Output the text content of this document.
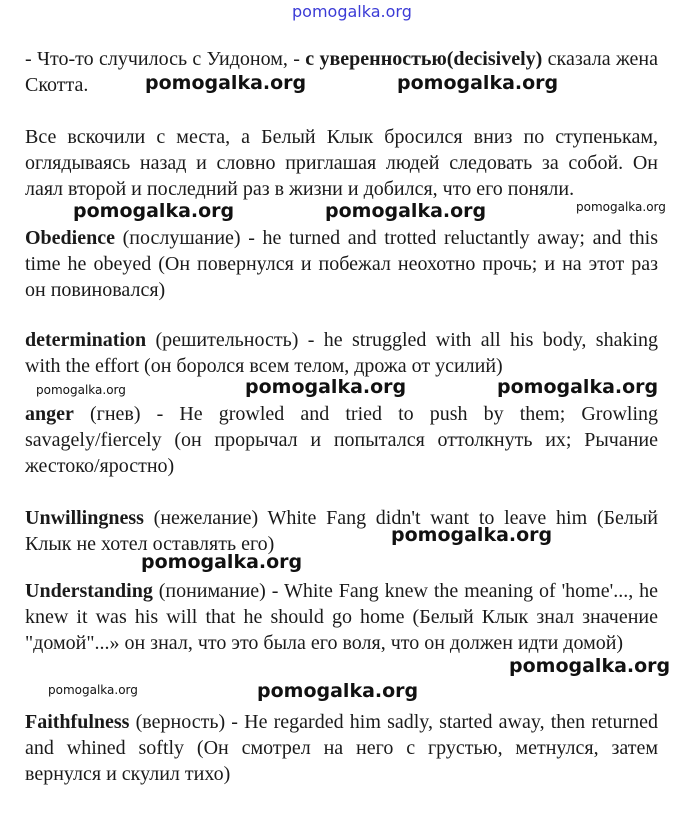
pomogalka.org
- Что-то случилось с Уидоном, - с уверенностью(decisively) сказала жена Скотта.
Все вскочили с места, а Белый Клык бросился вниз по ступенькам, оглядываясь назад и словно приглашая людей следовать за собой. Он лаял второй и последний раз в жизни и добился, что его поняли.
Obedience (послушание) - he turned and trotted reluctantly away; and this time he obeyed (Он повернулся и побежал неохотно прочь; и на этот раз он повиновался)
determination (решительность) - he struggled with all his body, shaking with the effort (он боролся всем телом, дрожа от усилий)
anger (гнев) - He growled and tried to push by them; Growling savagely/fiercely (он прорычал и попытался оттолкнуть их; Рычание жестоко/яростно)
Unwillingness (нежелание) White Fang didn't want to leave him (Белый Клык не хотел оставлять его)
Understanding (понимание) - White Fang knew the meaning of 'home'..., he knew it was his will that he should go home (Белый Клык знал значение "домой"...» он знал, что это была его воля, что он должен идти домой)
Faithfulness (верность) - He regarded him sadly, started away, then returned and whined softly (Он смотрел на него с грустью, метнулся, затем вернулся и скулил тихо)
pomogalka.org	pomogalka.org
pomogalka.org	pomogalka.org	pomogalka.org
pomogalka.org	pomogalka.org	pomogalka.org
pomogalka.org
pomogalka.org
pomogalka.org
pomogalka.org	pomogalka.org
